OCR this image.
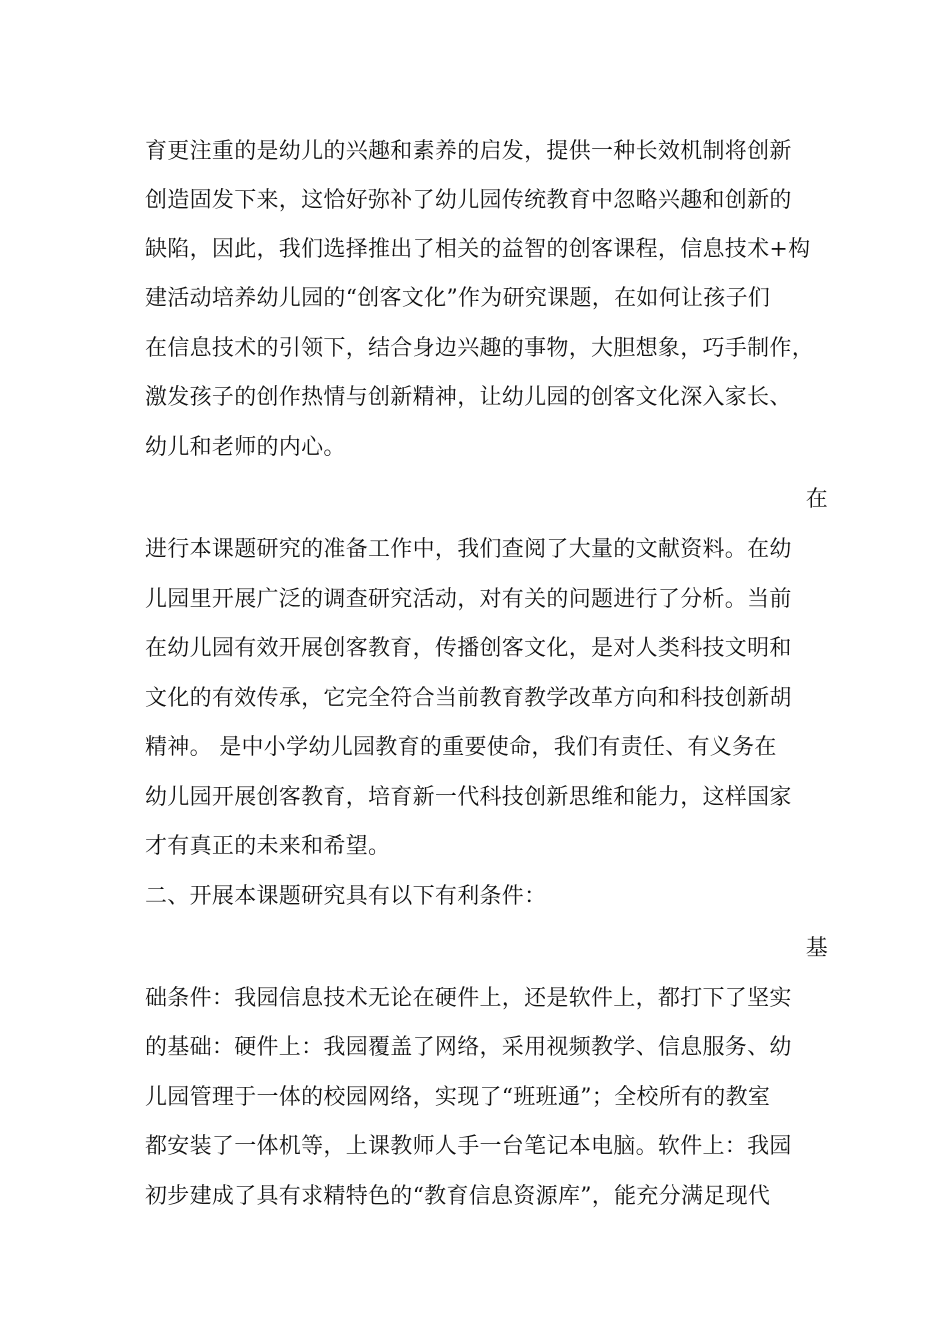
育更注重的是幼儿的兴趣和素养的启发，提供一种长效机制将创新
创造固发下来，这恰好弥补了幼儿园传统教育中忽略兴趣和创新的
缺陷，因此，我们选择推出了相关的益智的创客课程，信息技术+构
建活动培养幼儿园的“创客文化”作为研究课题，在如何让孩子们
在信息技术的引领下，结合身边兴趣的事物，大胆想象，巧手制作，
激发孩子的创作热情与创新精神，让幼儿园的创客文化深入家长、
幼儿和老师的内心。
在
进行本课题研究的准备工作中，我们查阅了大量的文献资料。在幼
儿园里开展广泛的调查研究活动，对有关的问题进行了分析。当前
在幼儿园有效开展创客教育，传播创客文化，是对人类科技文明和
文化的有效传承，它完全符合当前教育教学改革方向和科技创新胡
精神。 是中小学幼儿园教育的重要使命，我们有责任、有义务在
幼儿园开展创客教育，培育新一代科技创新思维和能力，这样国家
才有真正的未来和希望。
二、开展本课题研究具有以下有利条件：
基
础条件：我园信息技术无论在硬件上，还是软件上，都打下了坚实
的基础：硬件上：我园覆盖了网络，采用视频教学、信息服务、幼
儿园管理于一体的校园网络，实现了“班班通”；全校所有的教室
都安装了一体机等，上课教师人手一台笔记本电脑。软件上：我园
初步建成了具有求精特色的“教育信息资源库”，能充分满足现代
